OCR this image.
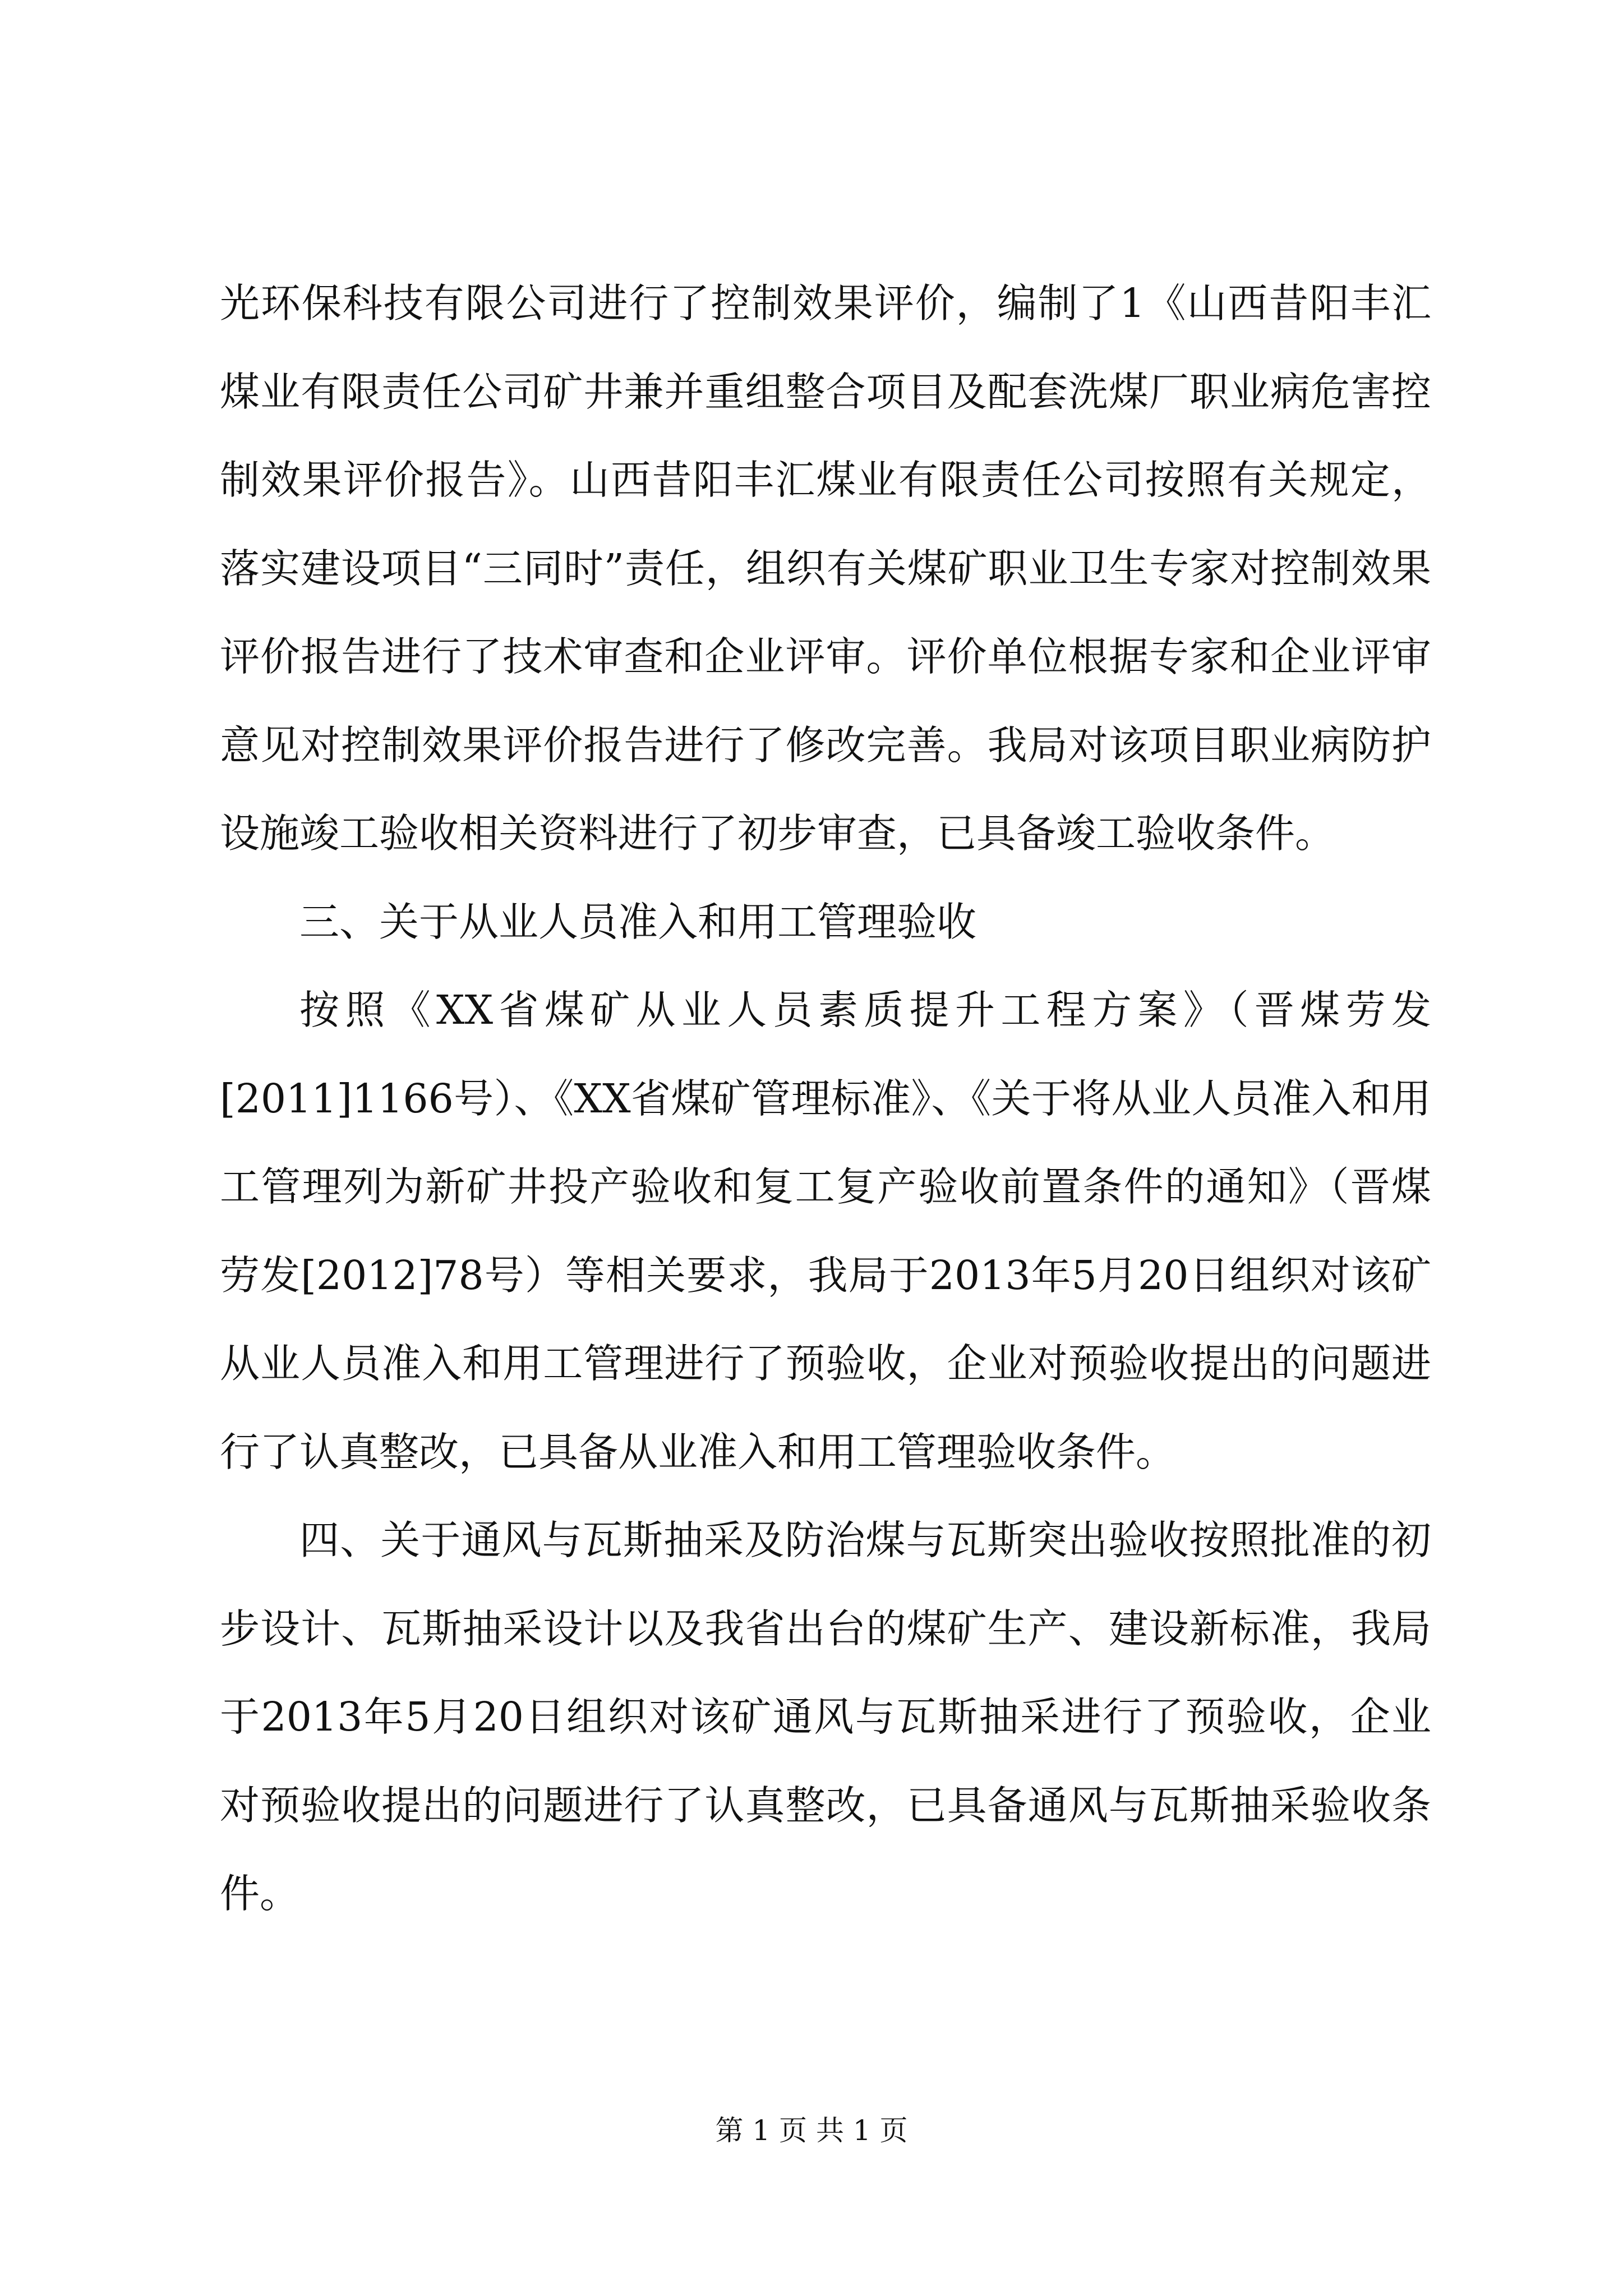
光环保科技有限公司进行了控制效果评价，编制了1《山西昔阳丰汇煤业有限责任公司矿井兼并重组整合项目及配套洗煤厂职业病危害控制效果评价报告》。山西昔阳丰汇煤业有限责任公司按照有关规定，落实建设项目“三同时”责任，组织有关煤矿职业卫生专家对控制效果评价报告进行了技术审查和企业评审。评价单位根据专家和企业评审意见对控制效果评价报告进行了修改完善。我局对该项目职业病防护设施竣工验收相关资料进行了初步审查，已具备竣工验收条件。

三、关于从业人员准入和用工管理验收

按照《XX省煤矿从业人员素质提升工程方案》（晋煤劳发[2011]1166号）、《XX省煤矿管理标准》、《关于将从业人员准入和用工管理列为新矿井投产验收和复工复产验收前置条件的通知》（晋煤劳发[2012]78号）等相关要求，我局于2013年5月20日组织对该矿从业人员准入和用工管理进行了预验收，企业对预验收提出的问题进行了认真整改，已具备从业准入和用工管理验收条件。

四、关于通风与瓦斯抽采及防治煤与瓦斯突出验收按照批准的初步设计、瓦斯抽采设计以及我省出台的煤矿生产、建设新标准，我局于2013年5月20日组织对该矿通风与瓦斯抽采进行了预验收，企业对预验收提出的问题进行了认真整改，已具备通风与瓦斯抽采验收条件。

第 1 页 共 1 页
